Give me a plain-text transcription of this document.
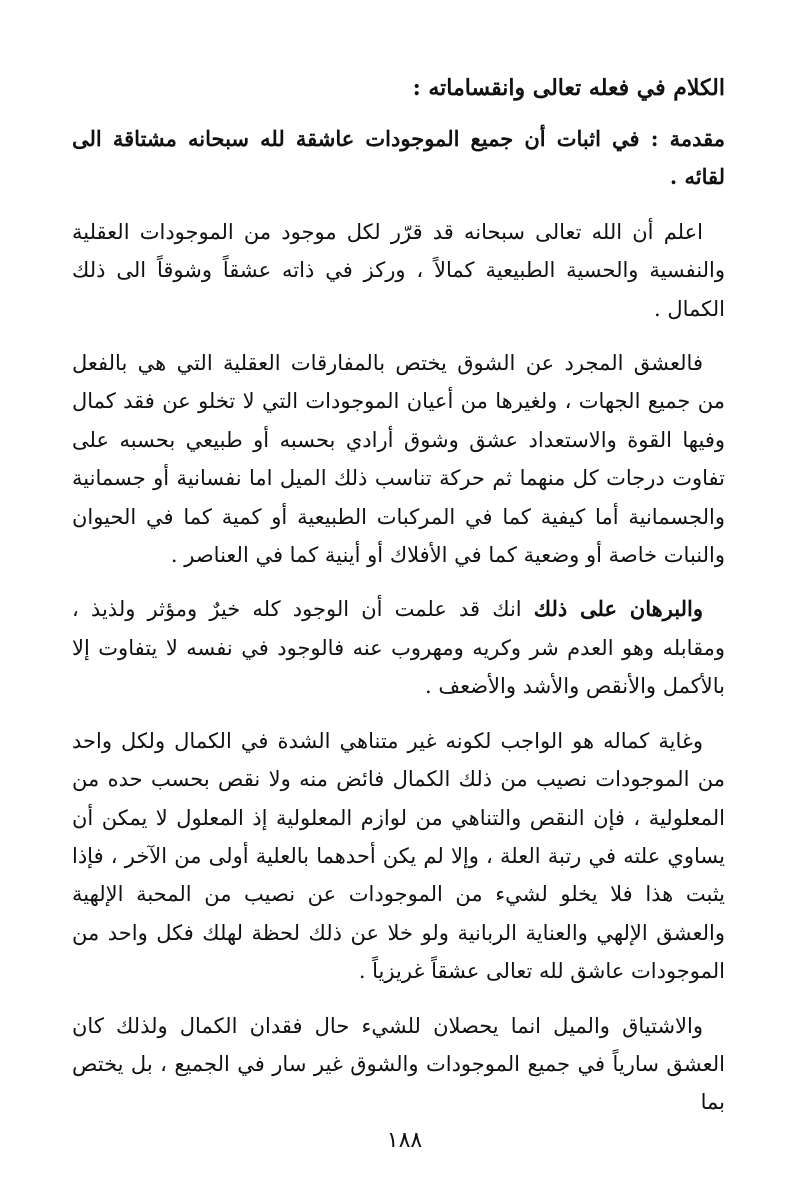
الكلام في فعله تعالى وانقساماته :

مقدمة : في اثبات أن جميع الموجودات عاشقة لله سبحانه مشتاقة الى لقائه .

اعلم أن الله تعالى سبحانه قد قرّر لكل موجود من الموجودات العقلية والنفسية والحسية الطبيعية كمالاً ، وركز في ذاته عشقاً وشوقاً الى ذلك الكمال .

فالعشق المجرد عن الشوق يختص بالمفارقات العقلية التي هي بالفعل من جميع الجهات ، ولغيرها من أعيان الموجودات التي لا تخلو عن فقد كمال وفيها القوة والاستعداد عشق وشوق أرادي بحسبه أو طبيعي بحسبه على تفاوت درجات كل منهما ثم حركة تناسب ذلك الميل اما نفسانية أو جسمانية والجسمانية أما كيفية كما في المركبات الطبيعية أو كمية كما في الحيوان والنبات خاصة أو وضعية كما في الأفلاك أو أينية كما في العناصر .

والبرهان على ذلك انك قد علمت أن الوجود كله خيرٌ ومؤثر ولذيذ ، ومقابله وهو العدم شر وكريه ومهروب عنه فالوجود في نفسه لا يتفاوت إلا بالأكمل والأنقص والأشد والأضعف .

وغاية كماله هو الواجب لكونه غير متناهي الشدة في الكمال ولكل واحد من الموجودات نصيب من ذلك الكمال فائض منه ولا نقص بحسب حده من المعلولية ، فإن النقص والتناهي من لوازم المعلولية إذ المعلول لا يمكن أن يساوي علته في رتبة العلة ، وإلا لم يكن أحدهما بالعلية أولى من الآخر ، فإذا يثبت هذا فلا يخلو لشيء من الموجودات عن نصيب من المحبة الإلهية والعشق الإلهي والعناية الربانية ولو خلا عن ذلك لحظة لهلك فكل واحد من الموجودات عاشق لله تعالى عشقاً غريزياً .

والاشتياق والميل انما يحصلان للشيء حال فقدان الكمال ولذلك كان العشق سارياً في جميع الموجودات والشوق غير سار في الجميع ، بل يختص بما

١٨٨
